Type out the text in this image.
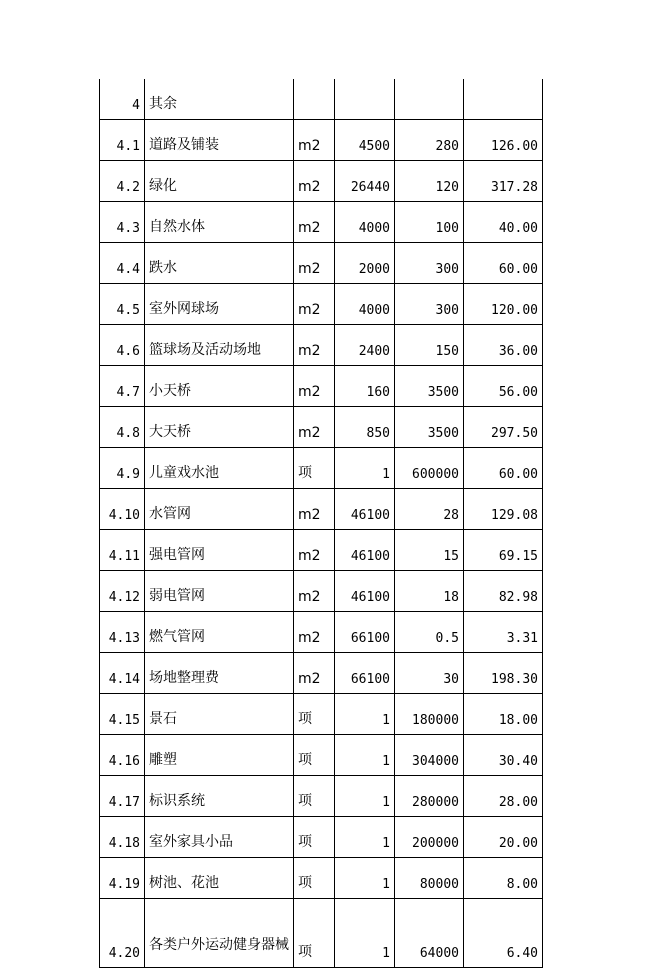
4	其余				
4.1	道路及铺装	m2	4500	280	126.00
4.2	绿化	m2	26440	120	317.28
4.3	自然水体	m2	4000	100	40.00
4.4	跌水	m2	2000	300	60.00
4.5	室外网球场	m2	4000	300	120.00
4.6	篮球场及活动场地	m2	2400	150	36.00
4.7	小天桥	m2	160	3500	56.00
4.8	大天桥	m2	850	3500	297.50
4.9	儿童戏水池	项	1	600000	60.00
4.10	水管网	m2	46100	28	129.08
4.11	强电管网	m2	46100	15	69.15
4.12	弱电管网	m2	46100	18	82.98
4.13	燃气管网	m2	66100	0.5	3.31
4.14	场地整理费	m2	66100	30	198.30
4.15	景石	项	1	180000	18.00
4.16	雕塑	项	1	304000	30.40
4.17	标识系统	项	1	280000	28.00
4.18	室外家具小品	项	1	200000	20.00
4.19	树池、花池	项	1	80000	8.00
4.20	各类户外运动健身器械	项	1	64000	6.40
